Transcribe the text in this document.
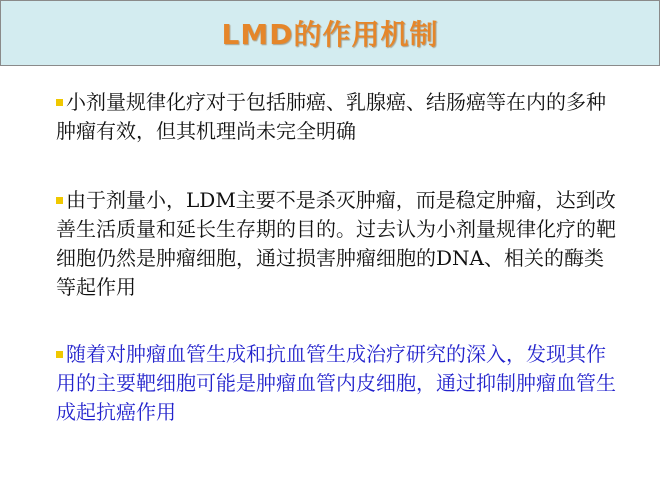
LMD的作用机制
小剂量规律化疗对于包括肺癌、乳腺癌、结肠癌等在内的多种肿瘤有效，但其机理尚未完全明确
由于剂量小，LDM主要不是杀灭肿瘤，而是稳定肿瘤，达到改善生活质量和延长生存期的目的。过去认为小剂量规律化疗的靶细胞仍然是肿瘤细胞，通过损害肿瘤细胞的DNA、相关的酶类等起作用
随着对肿瘤血管生成和抗血管生成治疗研究的深入，发现其作用的主要靶细胞可能是肿瘤血管内皮细胞，通过抑制肿瘤血管生成起抗癌作用
